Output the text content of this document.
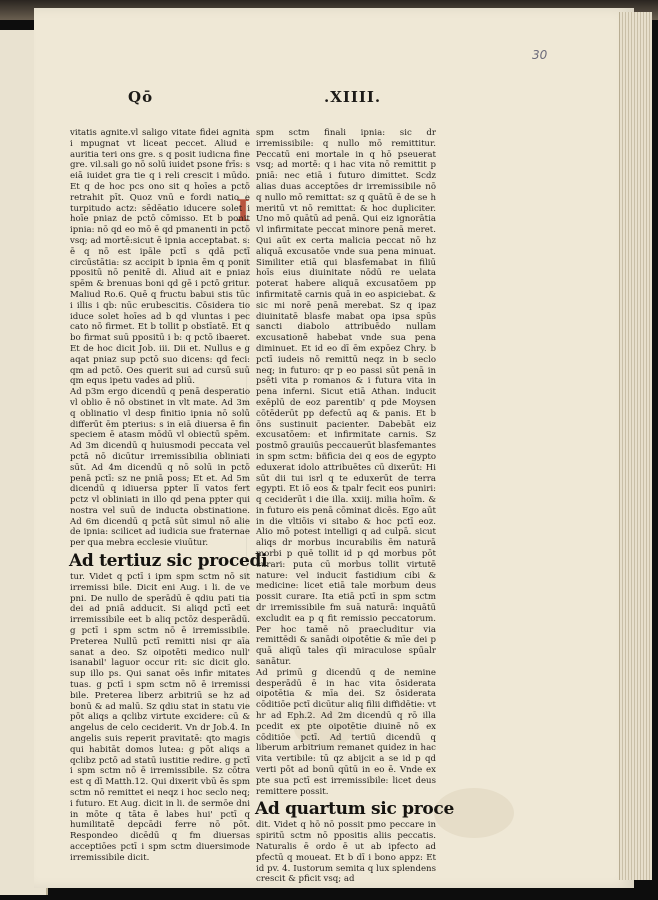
30
Qō	.XIIII.
I

vitatis agnite.vl saligo vitate fidei agnita i mpugnat vt liceat peccet. Aliud e auritia teri ons gre. s q posit iudicna fine gre. vil.sali go nō solū iuidet psone frīs: s eiā iuidet gra tie q i reli crescit i mūdo. Et q de hoc pcs ono sit q hoīes a pctō retrahit pīt. Quoz vnū e fordi natio e turpitudo actz: sēdēatio iducere solet i hoīe pniaz de pctō cōmisso. Et b ponit ipnia: nō qd eo mō ē qd pmanenti in pctō vsq; ad mortē:sicut ē ipnia acceptabat. s: ē q nō est ipāle pctī s qdā pctī circūstātia: sz accipit b ipnia ēm q ponit ppositū nō penitē di. Aliud ait e pniaz spēm & brenuas boni qd gē i pctō gritur. Maliud Ro.6. Quē q fructu babui stis tūc i illis i qb: nūc erubescitis. Cōsidera tio iduce solet hoīes ad b qd vluntas i pec cato nō firmet. Et b tollit p obstīatē. Et q bo firmat suū ppositū i b: q pctō ibaeret. Et de hoc dicit Job. iii. Dii et. Nullus e g aqat pniaz sup pctō suo dicens: qd feci: qm ad pctō. Oes querit sui ad cursū suū qm equs ipetu vades ad pliū.

Ad p3m ergo dicendū q penā desperatio vl oblio ē nō obstinet in vlt mate. Ad 3m q oblinatio vl desp finitio ipnia nō solū differūt ēm pterius: s in eiā diuersa ē fin speciem ē atasm mōdū vl obiectū spēm. Ad 3m dicendū q huiusmodi peccata vel pctā nō dicūtur irremissibilia obliniati sūt. Ad 4m dicendū q nō solū in pctō penā pctī: sz ne pniā poss; Et et. Ad 5m dicendū q idiuersa ppter lī vatos fert pctz vl obliniati in illo qd pena ppter qui nostra vel suū de inducta obstinatione. Ad 6m dicendū q pctā sūt simul nō alie de ipnia: scilicet ad iudicia sue fraternae per qua mebra ecclesie viuūtur.

Ad tertiuz sic procedi

tur. Videt q pctī i ipm spm sctm nō sit irremissi bile. Dicit eni Aug. i li. de ve pni. De nullo de sperādū ē qdiu pati tia dei ad pniā adducit. Si aliqd pctī eet irremissibile eet b aliq pctōz desperādū. g pctī i spm sctm nō ē irremissibile. Preterea Nullū pctī remitti nisi qr aīa sanat a deo. Sz oipotēti medico null' isanabil' laguor occur rit: sic dicit glo. sup illo ps. Qui sanat oēs infir mitates tuas. g pctī i spm sctm nō ē irremissi bile. Preterea liberz arbitriū se hz ad bonū & ad malū. Sz qdiu stat in statu vie pōt aliqs a qclibz virtute excidere: cū & angelus de celo ceciderit. Vn dr Job.4. In angelis suis reperit pravitatē: qto magis qui habitāt domos lutea: g pōt aliqs a qclibz pctō ad statū iustitie redire. g pctī i spm sctm nō ē irremissibile. Sz cōtra est q dī Matth.12. Qui dixerit vbū ēs spm sctm nō remittet ei neqz i hoc seclo neq; i futuro. Et Aug. dicit in li. de sermōe dni in mōte q tāta ē labes hui' pctī q humilitatē depcādi ferre nō pōt. Respondeo dicēdū q fm diuersas acceptiōes pctī i spm sctm diuersimode irremissibile dicit.

spm sctm finali ipnia: sic dr irremissibile: q nullo mō remittitur. Peccatū eni mortale in q hō pseuerat vsq; ad mortē: q i hac vita nō remittit p pniā: nec etiā i futuro dimittet. Scdz alias duas acceptōes dr irremissibile nō q nullo mō remittat: sz q quātū ē de se h meritū vt nō remittat: & hoc dupliciter. Uno mō quātū ad penā. Qui eiz ignorātia vl infirmitate peccat minore penā meret. Qui aūt ex certa malicia peccat nō hz aliquā excusatōe vnde sua pena minuat. Similiter etiā qui blasfemabat in filiū hoīs eius diuinitate nōdū re uelata poterat habere aliquā excusatōem pp infirmitatē carnis quā in eo aspiciebat. & sic mi norē penā merebat. Sz q ipaz diuinitatē blasfe mabat opa ipsa spūs sancti diabolo attribuēdo nullam excusationē habebat vnde sua pena diminuet. Et id eo dī ēm expōez Chry. b pctī iudeis nō remittū neqz in b seclo neq; in futuro: qr p eo passi sūt penā in psēti vita p romanos & i futura vita in pena inferni. Sicut etiā Athan. inducit exēplū de eoz parentib' q pde Moysen cōtēderūt pp defectū aq & panis. Et b ōns sustinuit pacienter. Dabebāt eiz excusatōem: et infirmitate carnis. Sz postmō grauiūs peccauerūt blasfemantes in spm sctm: bñficia dei q eos de egypto eduxerat idolo attribuētes cū dixerūt: Hi sūt dii tui isrl q te eduxerūt de terra egypti. Et iō eos & tpalr fecit eos puniri: q ceciderūt i die illa. xxiij. milia hoīm. & in futuro eis penā cōminat dicēs. Ego aūt in die vltiōis vi sitabo & hoc pctī eoz. Alio mō potest intelligi q ad culpā. sicut aliqs dr morbus incurabilis ēm naturā morbi p quē tollit id p qd morbus pōt curari: puta cū morbus tollit virtutē nature: vel inducit fastidium cibi & medicine: licet etiā tale morbum deus possit curare. Ita etiā pctī in spm sctm dr irremissibile fm suā naturā: inquātū excludit ea p q fit remissio peccatorum. Per hoc tamē nō praecluditur via remittēdi & sanādi oipotētie & mīe dei p quā aliqū tales qīi miraculose spūalr sanātur.

Ad primū g dicendū q de nemine desperādū ē in hac vita ōsiderata oipotētia & mīa dei. Sz ōsiderata cōditiōe pctī dicūtur aliq filii diffidētie: vt hr ad Eph.2. Ad 2m dicendū q rō illa pcedit ex pte oipotētie diuinē nō ex cōditiōe pctī. Ad tertiū dicendū q liberum arbitrium remanet quidez in hac vita vertibile: tū qz abijcit a se id p qd verti pōt ad bonū qūtū in eo ē. Vnde ex pte sua pctī est irremissibile: licet deus remittere possit.

Ad quartum sic proce

dit. Videt q hō nō possit pmo peccare in spiritū sctm nō ppositis aliis peccatis. Naturalis ē ordo ē ut ab ipfecto ad pfectū q moueat. Et b dī i bono appz: Et id pv. 4. Iustorum semita q lux splendens crescit & pficit vsq; ad
